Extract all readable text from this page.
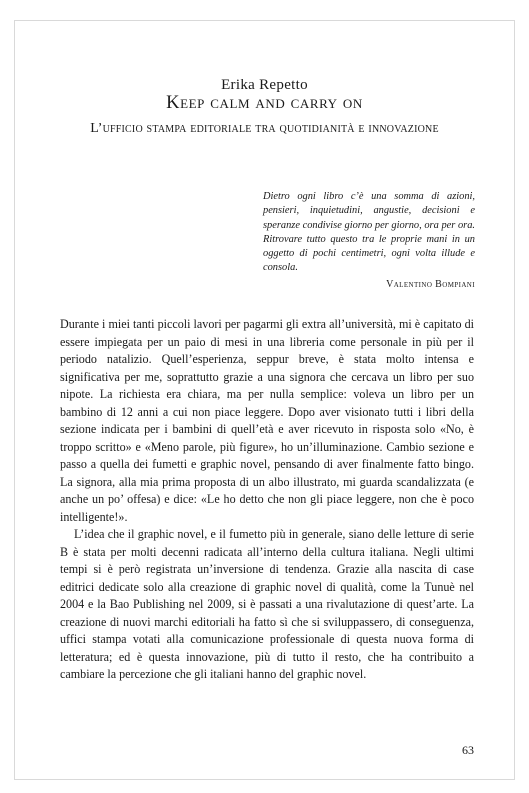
Erika Repetto
Keep calm and carry on
L’ufficio stampa editoriale tra quotidianità e innovazione
Dietro ogni libro c’è una somma di azioni, pensieri, inquietudini, angustie, decisioni e speranze condivise giorno per giorno, ora per ora. Ritrovare tutto questo tra le proprie mani in un oggetto di pochi centimetri, ogni volta illude e consola.
Valentino Bompiani

Durante i miei tanti piccoli lavori per pagarmi gli extra all’università, mi è capitato di essere impiegata per un paio di mesi in una libreria come personale in più per il periodo natalizio. Quell’esperienza, seppur breve, è stata molto intensa e significativa per me, soprattutto grazie a una signora che cercava un libro per suo nipote. La richiesta era chiara, ma per nulla semplice: voleva un libro per un bambino di 12 anni a cui non piace leggere. Dopo aver visionato tutti i libri della sezione indicata per i bambini di quell’età e aver ricevuto in risposta solo «No, è troppo scritto» e «Meno parole, più figure», ho un’illuminazione. Cambio sezione e passo a quella dei fumetti e graphic novel, pensando di aver finalmente fatto bingo. La signora, alla mia prima proposta di un albo illustrato, mi guarda scandalizzata (e anche un po’ offesa) e dice: «Le ho detto che non gli piace leggere, non che è poco intelligente!».

L’idea che il graphic novel, e il fumetto più in generale, siano delle letture di serie B è stata per molti decenni radicata all’interno della cultura italiana. Negli ultimi tempi si è però registrata un’inversione di tendenza. Grazie alla nascita di case editrici dedicate solo alla creazione di graphic novel di qualità, come la Tunuè nel 2004 e la Bao Publishing nel 2009, si è passati a una rivalutazione di quest’arte. La creazione di nuovi marchi editoriali ha fatto sì che si sviluppassero, di conseguenza, uffici stampa votati alla comunicazione professionale di questa nuova forma di letteratura; ed è questa innovazione, più di tutto il resto, che ha contribuito a cambiare la percezione che gli italiani hanno del graphic novel.

63
